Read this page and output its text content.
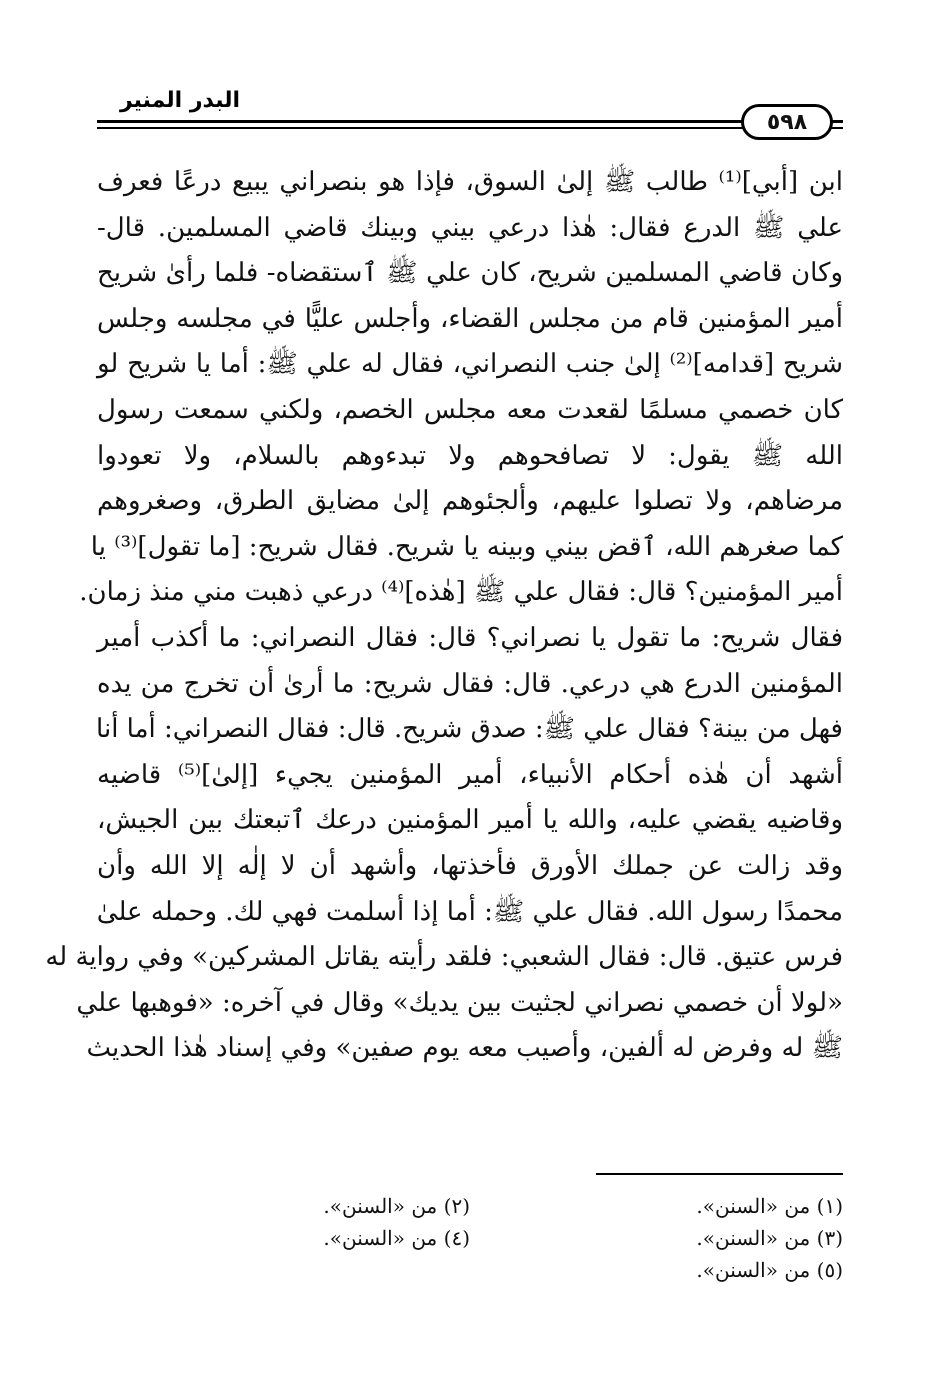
البدر المنير
٥٩٨
ابن [أبي]⁽¹⁾ طالب ﷺ إلىٰ السوق، فإذا هو بنصراني يبيع درعًا فعرف
علي ﷺ الدرع فقال: هٰذا درعي بيني وبينك قاضي المسلمين. قال-
وكان قاضي المسلمين شريح، كان علي ﷺ ٱستقضاه- فلما رأىٰ شريح
أمير المؤمنين قام من مجلس القضاء، وأجلس عليًّا في مجلسه وجلس
شريح [قدامه]⁽²⁾ إلىٰ جنب النصراني، فقال له علي ﷺ: أما يا شريح لو
كان خصمي مسلمًا لقعدت معه مجلس الخصم، ولكني سمعت رسول
الله ﷺ يقول: لا تصافحوهم ولا تبدءوهم بالسلام، ولا تعودوا
مرضاهم، ولا تصلوا عليهم، وألجئوهم إلىٰ مضايق الطرق، وصغروهم
كما صغرهم الله، ٱقض بيني وبينه يا شريح. فقال شريح: [ما تقول]⁽³⁾ يا
أمير المؤمنين؟ قال: فقال علي ﷺ [هٰذه]⁽⁴⁾ درعي ذهبت مني منذ زمان.
فقال شريح: ما تقول يا نصراني؟ قال: فقال النصراني: ما أكذب أمير
المؤمنين الدرع هي درعي. قال: فقال شريح: ما أرىٰ أن تخرج من يده
فهل من بينة؟ فقال علي ﷺ: صدق شريح. قال: فقال النصراني: أما أنا
أشهد أن هٰذه أحكام الأنبياء، أمير المؤمنين يجيء [إلىٰ]⁽⁵⁾ قاضيه
وقاضيه يقضي عليه، والله يا أمير المؤمنين درعك ٱتبعتك بين الجيش،
وقد زالت عن جملك الأورق فأخذتها، وأشهد أن لا إلٰه إلا الله وأن
محمدًا رسول الله. فقال علي ﷺ: أما إذا أسلمت فهي لك. وحمله علىٰ
فرس عتيق. قال: فقال الشعبي: فلقد رأيته يقاتل المشركين» وفي رواية له
«لولا أن خصمي نصراني لجثيت بين يديك» وقال في آخره: «فوهبها علي
ﷺ له وفرض له ألفين، وأصيب معه يوم صفين» وفي إسناد هٰذا الحديث
(١) من «السنن».
(٢) من «السنن».
(٣) من «السنن».
(٤) من «السنن».
(٥) من «السنن».
